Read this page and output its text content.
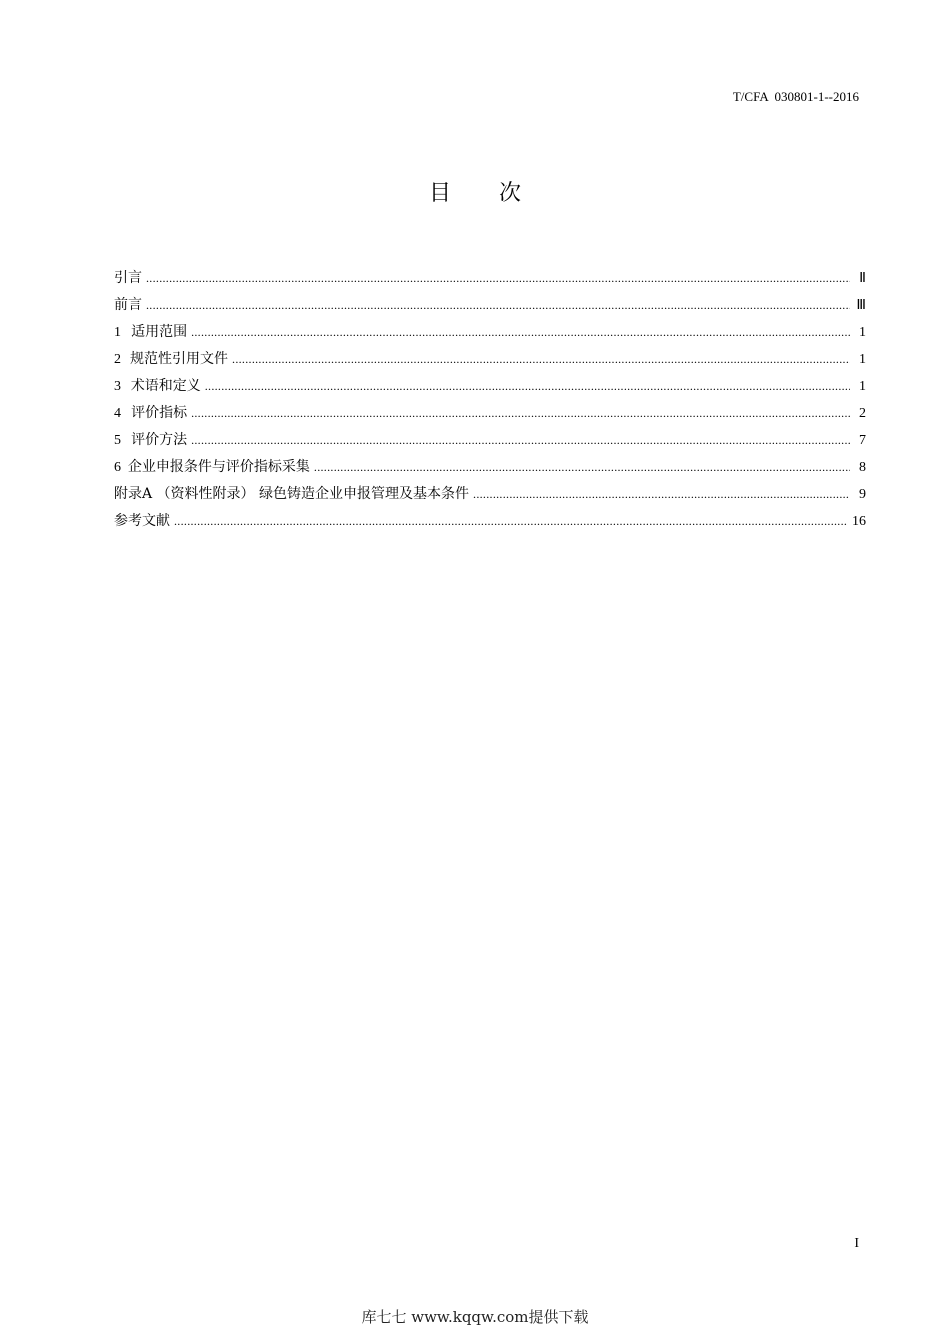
T/CFA  030801-1--2016
目次
引言 .....	Ⅱ
前言 .....	Ⅲ
1 适用范围 .....	1
2 规范性引用文件 .....	1
3 术语和定义 .....	1
4 评价指标 .....	2
5 评价方法 .....	7
6 企业申报条件与评价指标采集 .....	8
附录A （资料性附录） 绿色铸造企业申报管理及基本条件 .....	9
参考文献 .....	16
I
库七七 www.kqqw.com提供下载
